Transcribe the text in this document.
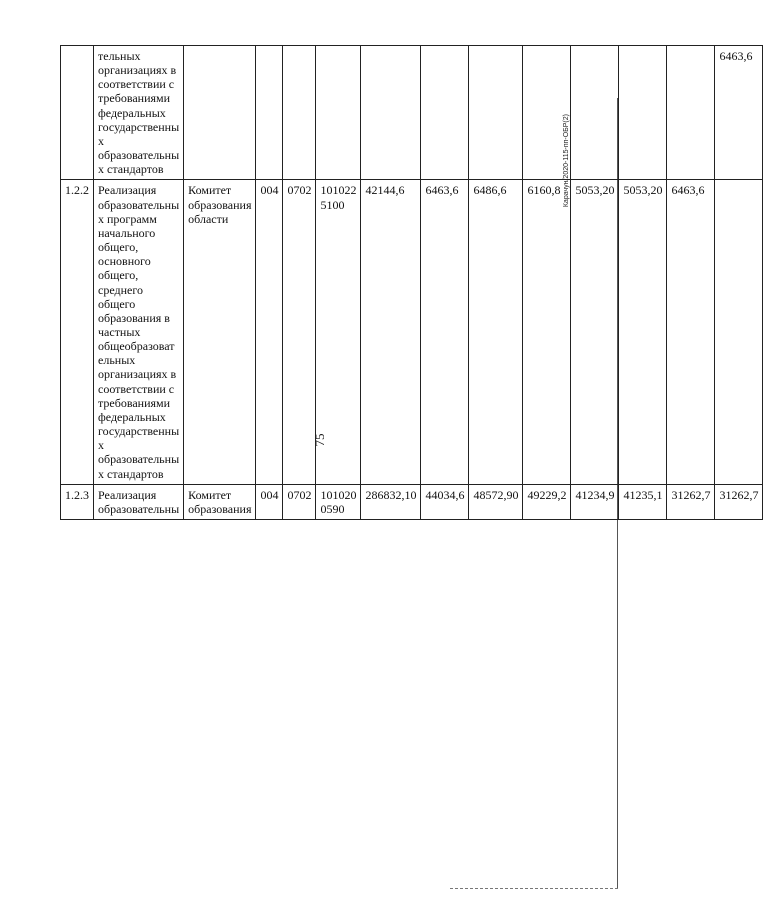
75
Карачун/2020-115-пп-ОБР(2)
	тельных организациях в соответствии с требованиями федеральных государственны х образовательны х стандартов												6463,6
1.2.2	Реализация образовательны х программ начального общего, основного общего, среднего общего образования в частных общеобразоват ельных организациях в соответствии с требованиями федеральных государственны х образовательны х стандартов	Комитет образования области	004	0702	101022 5100	42144,6	6463,6	6486,6	6160,8	5053,20	5053,20	6463,6	
1.2.3	Реализация образовательны	Комитет образования	004	0702	101020 0590	286832,10	44034,6	48572,90	49229,2	41234,9	41235,1	31262,7	31262,7
